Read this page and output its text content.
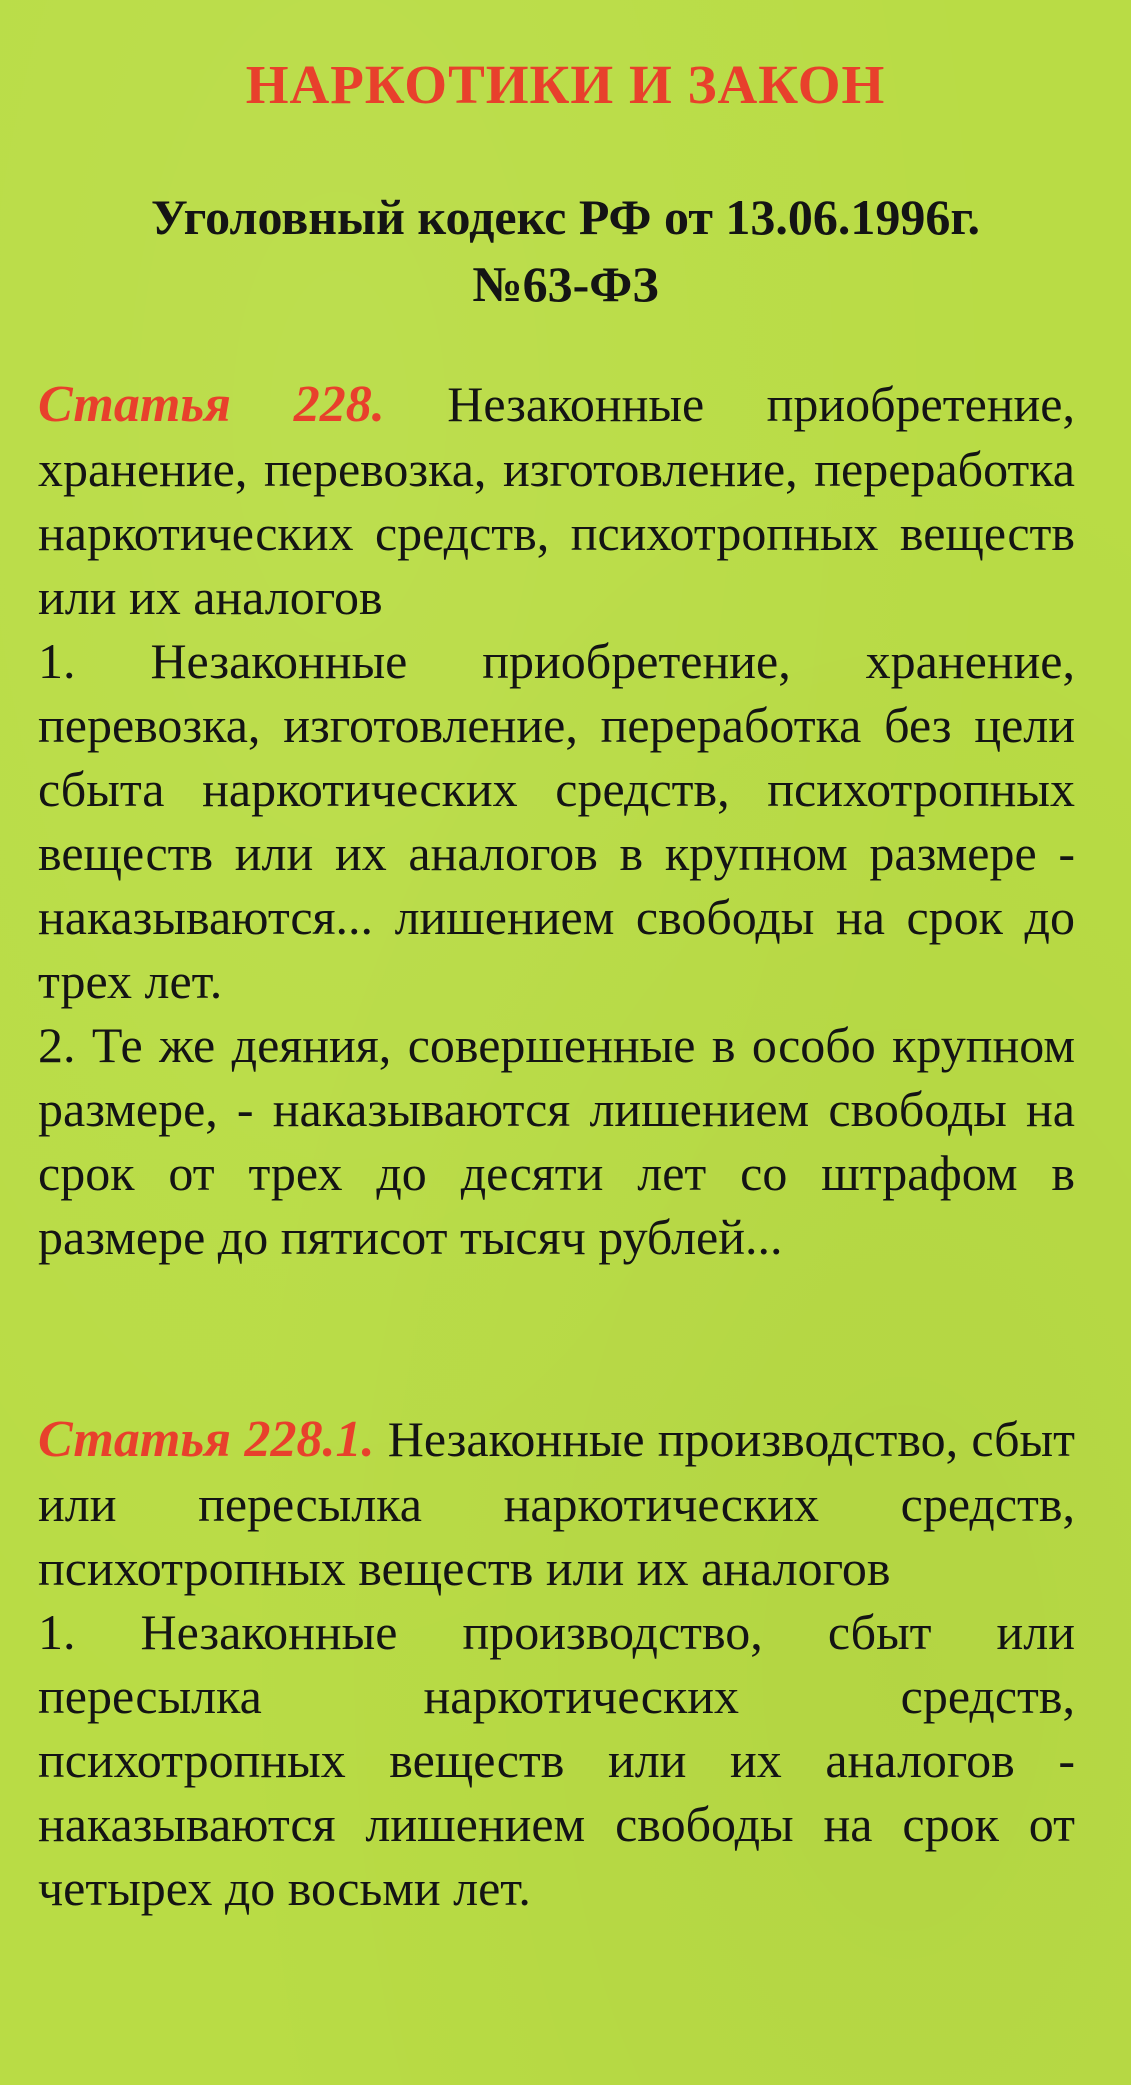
НАРКОТИКИ И ЗАКОН
Уголовный кодекс РФ от 13.06.1996г.
№63-ФЗ

Статья 228. Незаконные приобретение, хранение, перевозка, изготовление, переработка наркотических средств, психотропных веществ или их аналогов

1. Незаконные приобретение, хранение, перевозка, изготовление, переработка без цели сбыта наркотических средств, психотропных веществ или их аналогов в крупном размере - наказываются... лишением свободы на срок до трех лет.

2. Те же деяния, совершенные в особо крупном размере, - наказываются лишением свободы на срок от трех до десяти лет со штрафом в размере до пятисот тысяч рублей...

Статья 228.1. Незаконные производство, сбыт или пересылка наркотических средств, психотропных веществ или их аналогов

1. Незаконные производство, сбыт или пересылка наркотических средств, психотропных веществ или их аналогов - наказываются лишением свободы на срок от четырех до восьми лет.
